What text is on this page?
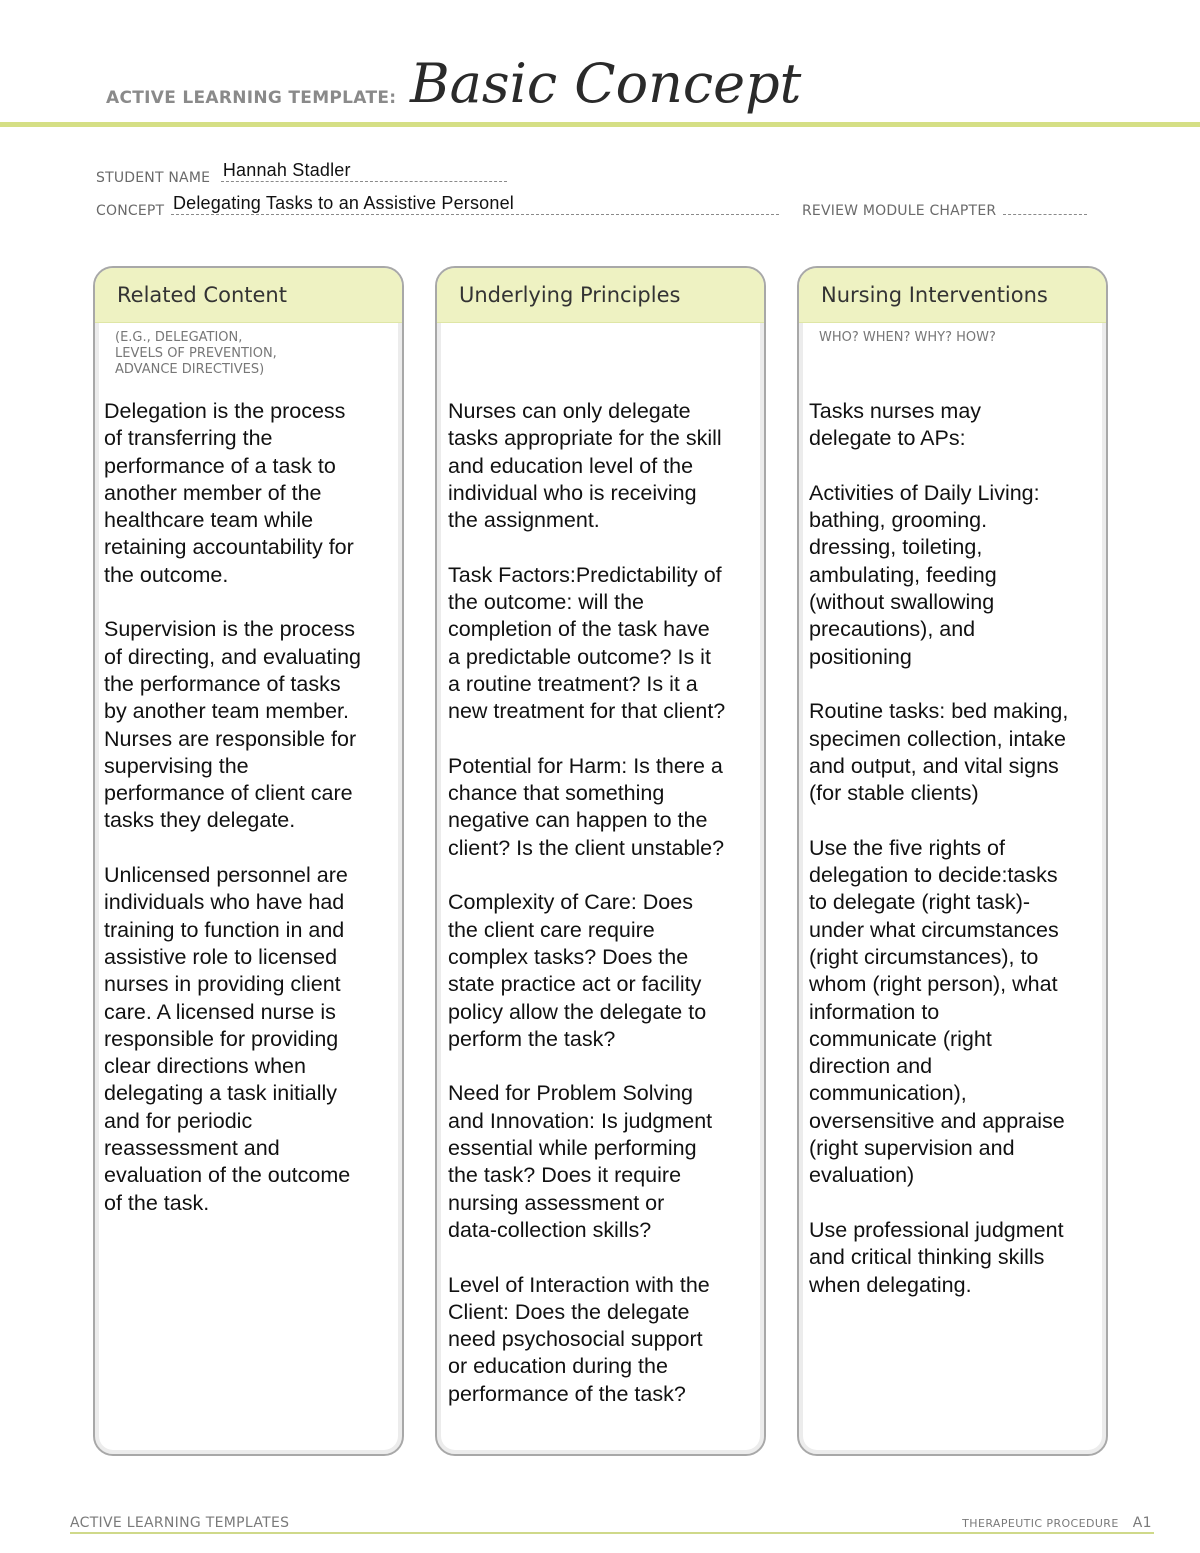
ACTIVE LEARNING TEMPLATE: Basic Concept
STUDENT NAME Hannah Stadler
CONCEPT Delegating Tasks to an Assistive Personel	REVIEW MODULE CHAPTER
Related Content
(E.G., DELEGATION,
LEVELS OF PREVENTION,
ADVANCE DIRECTIVES)

Delegation is the process
of transferring the
performance of a task to
another member of the
healthcare team while
retaining accountability for
the outcome.

Supervision is the process
of directing, and evaluating
the performance of tasks
by another team member.
Nurses are responsible for
supervising the
performance of client care
tasks they delegate.

Unlicensed personnel are
individuals who have had
training to function in and
assistive role to licensed
nurses in providing client
care. A licensed nurse is
responsible for providing
clear directions when
delegating a task initially
and for periodic
reassessment and
evaluation of the outcome
of the task.

Underlying Principles

Nurses can only delegate
tasks appropriate for the skill
and education level of the
individual who is receiving
the assignment.

Task Factors:Predictability of
the outcome: will the
completion of the task have
a predictable outcome? Is it
a routine treatment? Is it a
new treatment for that client?

Potential for Harm: Is there a
chance that something
negative can happen to the
client? Is the client unstable?

Complexity of Care: Does
the client care require
complex tasks? Does the
state practice act or facility
policy allow the delegate to
perform the task?

Need for Problem Solving
and Innovation: Is judgment
essential while performing
the task? Does it require
nursing assessment or
data-collection skills?

Level of Interaction with the
Client: Does the delegate
need psychosocial support
or education during the
performance of the task?

Nursing Interventions
WHO? WHEN? WHY? HOW?

Tasks nurses may
delegate to APs:

Activities of Daily Living:
bathing, grooming.
dressing, toileting,
ambulating, feeding
(without swallowing
precautions), and
positioning

Routine tasks: bed making,
specimen collection, intake
and output, and vital signs
(for stable clients)

Use the five rights of
delegation to decide:tasks
to delegate (right task)-
under what circumstances
(right circumstances), to
whom (right person), what
information to
communicate (right
direction and
communication),
oversensitive and appraise
(right supervision and
evaluation)

Use professional judgment
and critical thinking skills
when delegating.

ACTIVE LEARNING TEMPLATES	THERAPEUTIC PROCEDURE A1
